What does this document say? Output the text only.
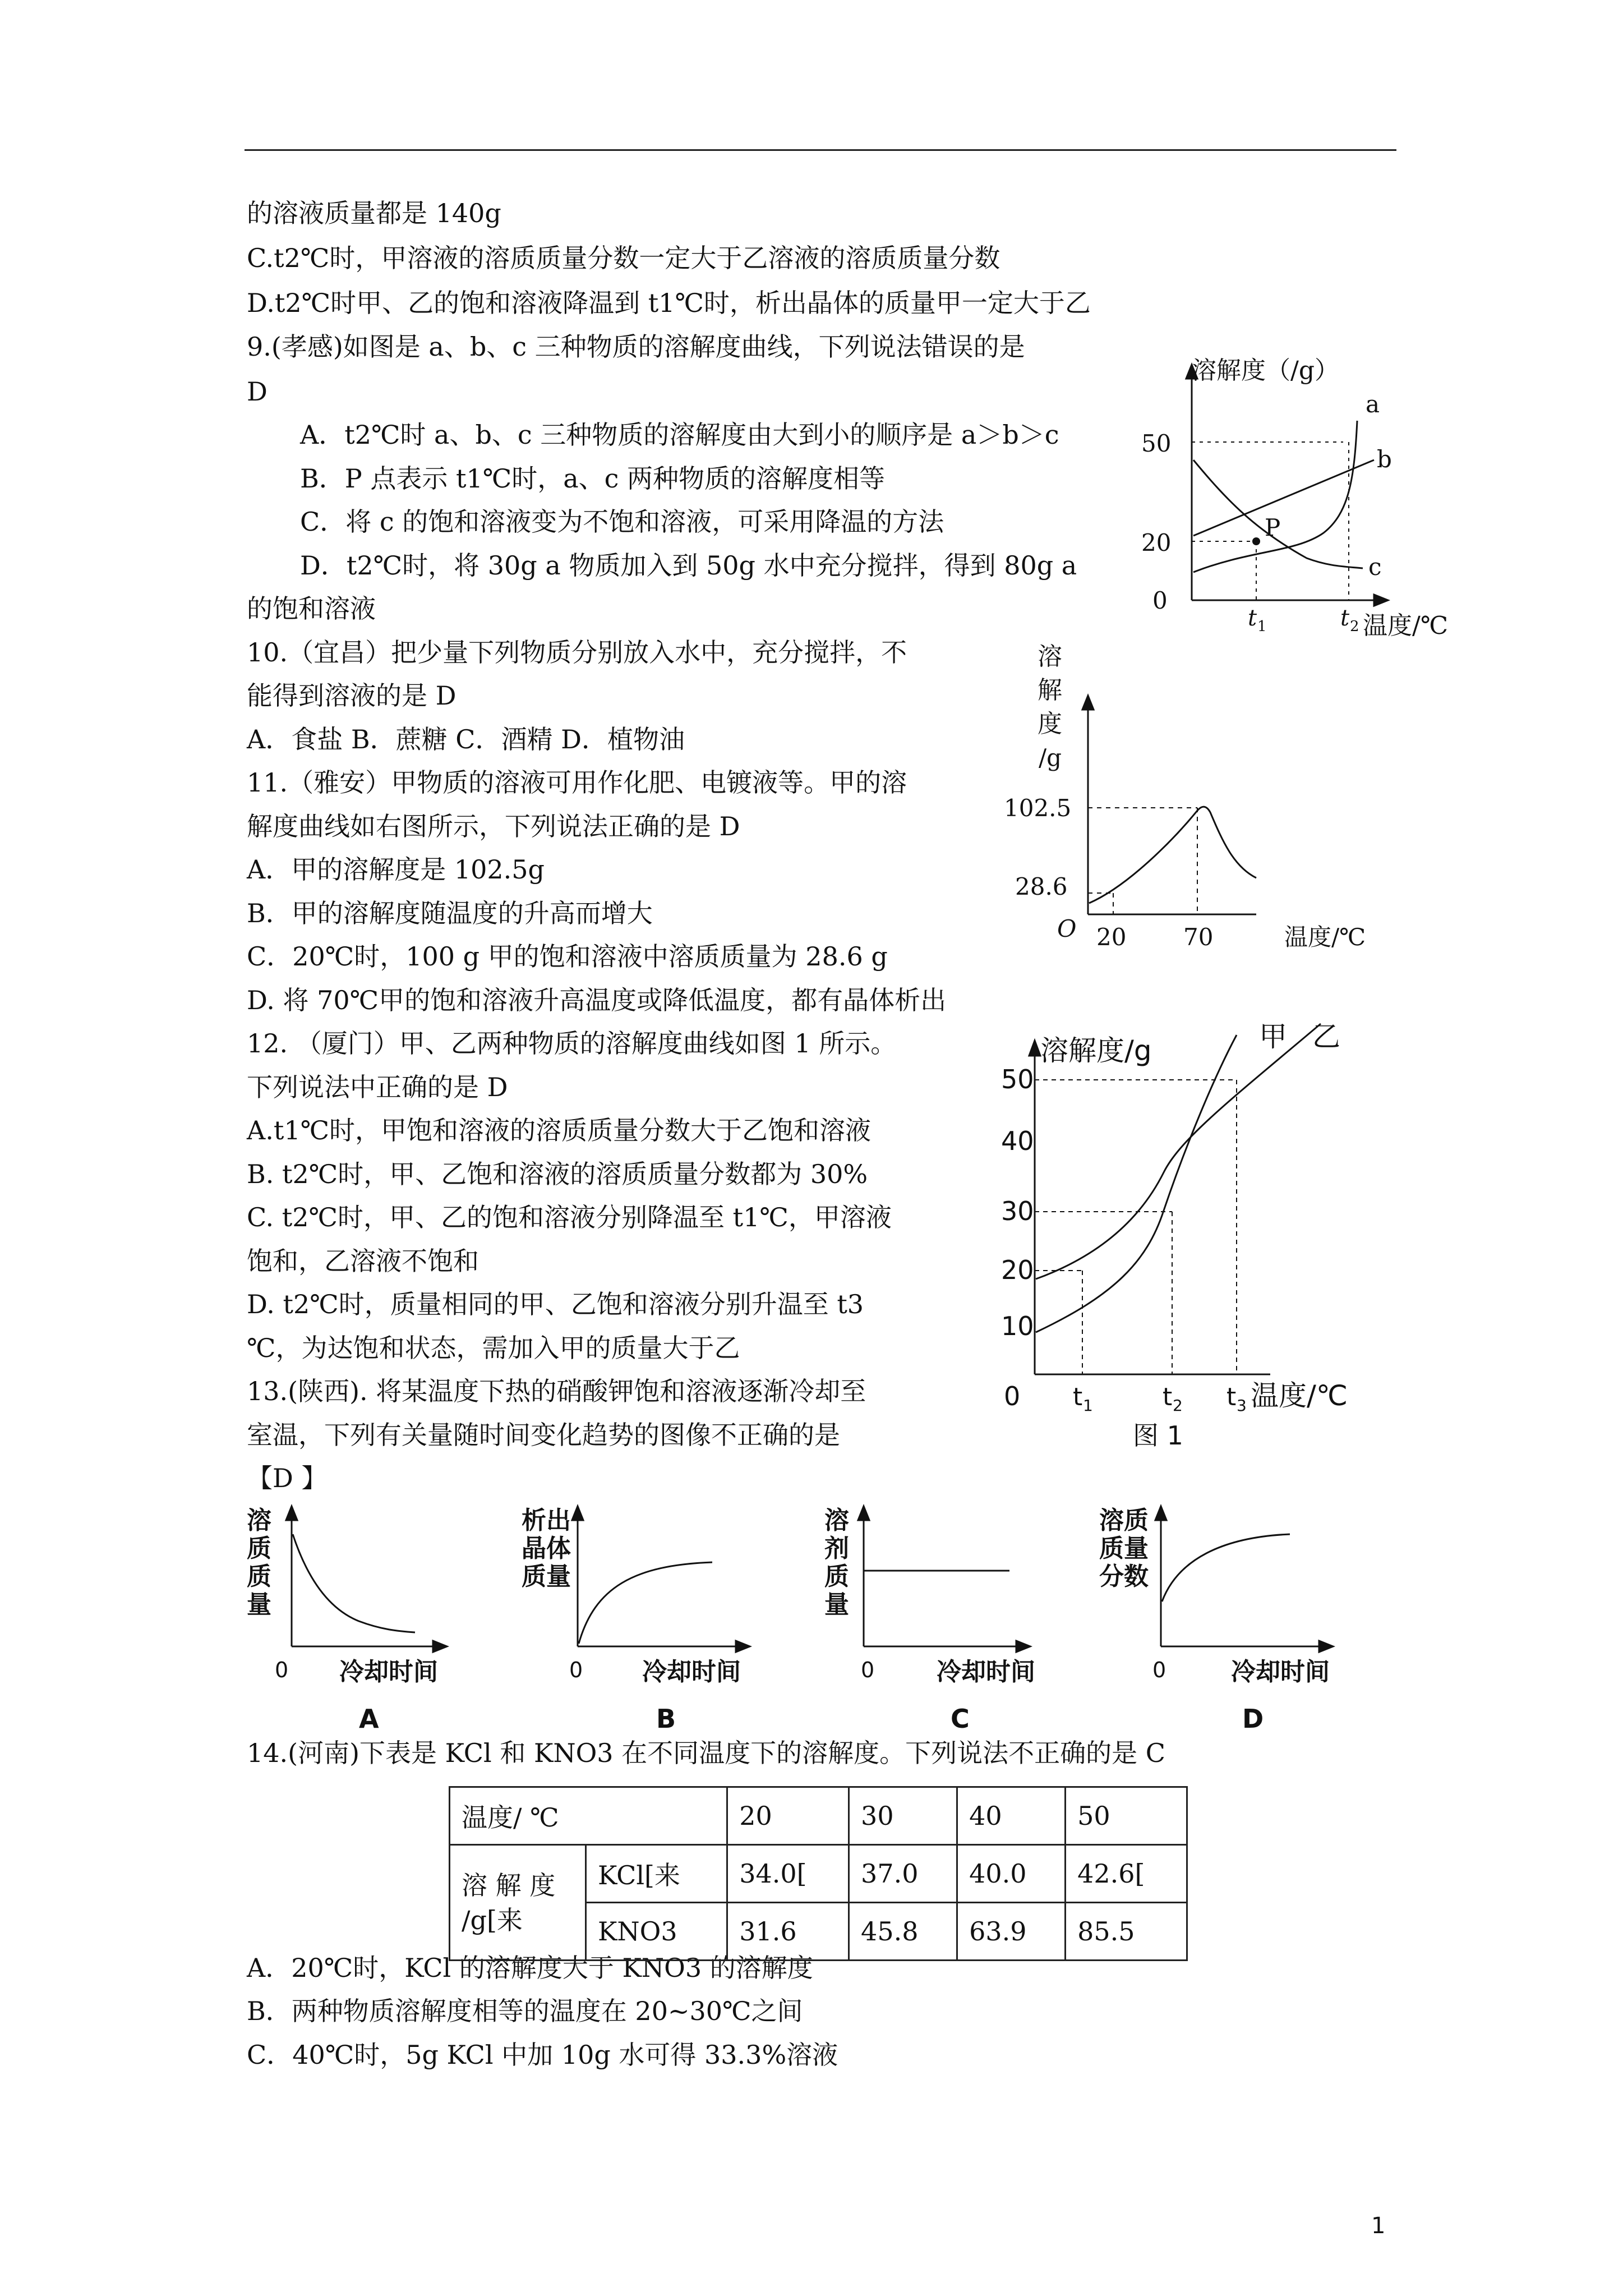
的溶液质量都是 140g
C.t2℃时，甲溶液的溶质质量分数一定大于乙溶液的溶质质量分数
D.t2℃时甲、乙的饱和溶液降温到 t1℃时，析出晶体的质量甲一定大于乙
9.(孝感)如图是 a、b、c 三种物质的溶解度曲线，下列说法错误的是
D
A．t2℃时 a、b、c 三种物质的溶解度由大到小的顺序是 a＞b＞c
B．P 点表示 t1℃时，a、c 两种物质的溶解度相等
C．将 c 的饱和溶液变为不饱和溶液，可采用降温的方法
D．t2℃时，将 30g a 物质加入到 50g 水中充分搅拌，得到 80g a
的饱和溶液
10.（宜昌）把少量下列物质分别放入水中，充分搅拌，不
能得到溶液的是 D
A．食盐 B．蔗糖 C．酒精 D．植物油
11.（雅安）甲物质的溶液可用作化肥、电镀液等。甲的溶
解度曲线如右图所示，下列说法正确的是 D
A．甲的溶解度是 102.5g
B．甲的溶解度随温度的升高而增大
C．20℃时，100 g 甲的饱和溶液中溶质质量为 28.6 g
D. 将 70℃甲的饱和溶液升高温度或降低温度，都有晶体析出
12. （厦门）甲、乙两种物质的溶解度曲线如图 1 所示。
下列说法中正确的是 D
A.t1℃时，甲饱和溶液的溶质质量分数大于乙饱和溶液
B. t2℃时，甲、乙饱和溶液的溶质质量分数都为 30%
C. t2℃时，甲、乙的饱和溶液分别降温至 t1℃，甲溶液
饱和，乙溶液不饱和
D. t2℃时，质量相同的甲、乙饱和溶液分别升温至 t3
℃，为达饱和状态，需加入甲的质量大于乙
13.(陕西). 将某温度下热的硝酸钾饱和溶液逐渐冷却至
室温，下列有关量随时间变化趋势的图像不正确的是
【D 】
14.(河南)下表是 KCl 和 KNO3 在不同温度下的溶解度。下列说法不正确的是 C
A．20℃时，KCl 的溶解度大于 KNO3 的溶解度
B．两种物质溶解度相等的温度在 20~30℃之间
C．40℃时，5g KCl 中加 10g 水可得 33.3%溶液
溶解度（/g）
50
20
0
t 1	t 2 温度/℃
P
a
b
c
溶
解
度
/g
102.5
28.6
O 20 70	温度/℃
溶解度/g	甲 乙
50
40
30
20
10
0 t 1	t 2 t 3 温度/℃
图 1
溶
质
质
量
0 冷却时间
A
析出
晶体
质量
0 冷却时间
B
溶
剂
质
量
0	冷却时间
C
溶质
质量
分数
0	冷却时间
D
温度/ ℃		20	30	40	50
溶 解 度 /g[来	KCl[来	34.0[	37.0	40.0	42.6[
	KNO3	31.6	45.8	63.9	85.5
1
